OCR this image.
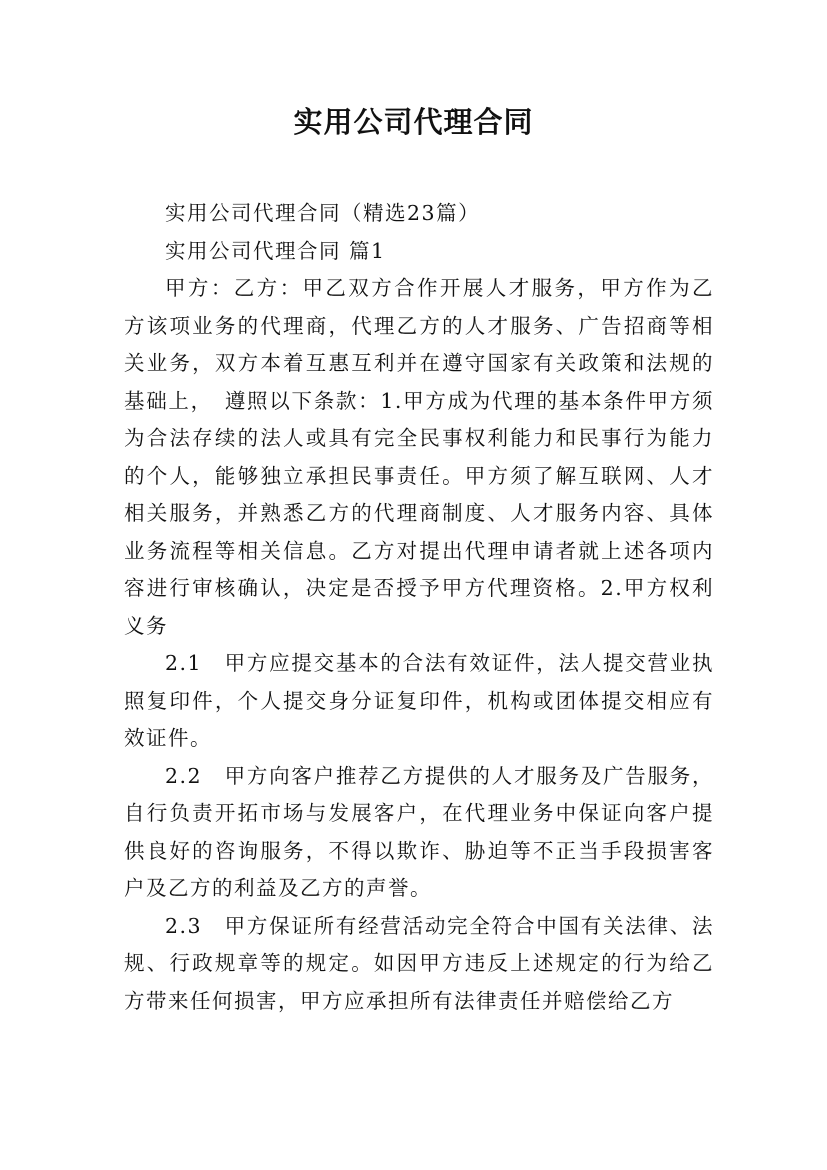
实用公司代理合同

实用公司代理合同（精选23篇）

实用公司代理合同 篇1

甲方：乙方：甲乙双方合作开展人才服务，甲方作为乙方该项业务的代理商，代理乙方的人才服务、广告招商等相关业务，双方本着互惠互利并在遵守国家有关政策和法规的基础上，　遵照以下条款：1.甲方成为代理的基本条件甲方须为合法存续的法人或具有完全民事权利能力和民事行为能力的个人，能够独立承担民事责任。甲方须了解互联网、人才相关服务，并熟悉乙方的代理商制度、人才服务内容、具体业务流程等相关信息。乙方对提出代理申请者就上述各项内容进行审核确认，决定是否授予甲方代理资格。2.甲方权利义务

2.1　甲方应提交基本的合法有效证件，法人提交营业执照复印件，个人提交身分证复印件，机构或团体提交相应有效证件。

2.2　甲方向客户推荐乙方提供的人才服务及广告服务，自行负责开拓市场与发展客户，在代理业务中保证向客户提供良好的咨询服务，不得以欺诈、胁迫等不正当手段损害客户及乙方的利益及乙方的声誉。

2.3　甲方保证所有经营活动完全符合中国有关法律、法规、行政规章等的规定。如因甲方违反上述规定的行为给乙方带来任何损害，甲方应承担所有法律责任并赔偿给乙方
